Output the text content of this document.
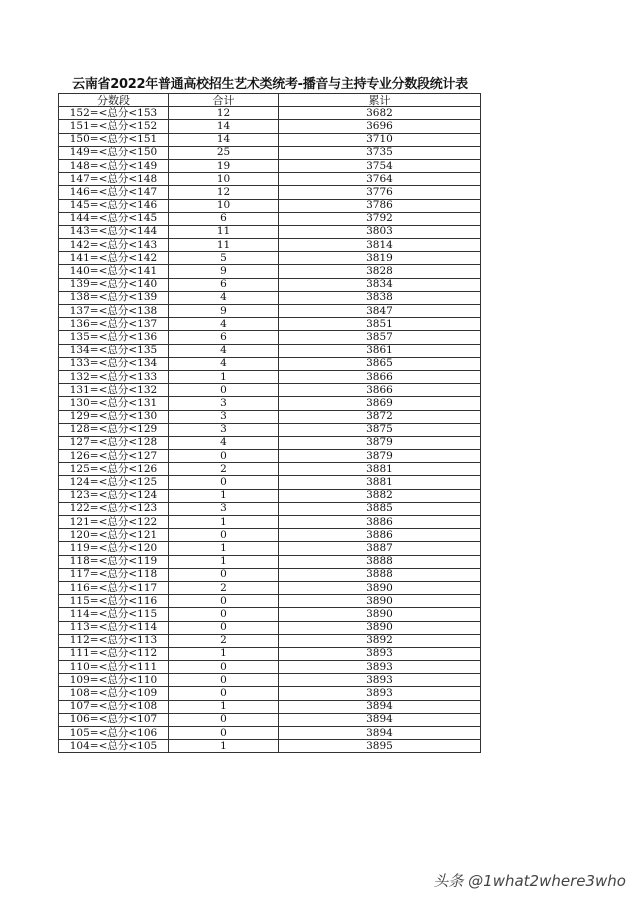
云南省2022年普通高校招生艺术类统考-播音与主持专业分数段统计表
分数段	合计	累计
152=<总分<153	12	3682
151=<总分<152	14	3696
150=<总分<151	14	3710
149=<总分<150	25	3735
148=<总分<149	19	3754
147=<总分<148	10	3764
146=<总分<147	12	3776
145=<总分<146	10	3786
144=<总分<145	6	3792
143=<总分<144	11	3803
142=<总分<143	11	3814
141=<总分<142	5	3819
140=<总分<141	9	3828
139=<总分<140	6	3834
138=<总分<139	4	3838
137=<总分<138	9	3847
136=<总分<137	4	3851
135=<总分<136	6	3857
134=<总分<135	4	3861
133=<总分<134	4	3865
132=<总分<133	1	3866
131=<总分<132	0	3866
130=<总分<131	3	3869
129=<总分<130	3	3872
128=<总分<129	3	3875
127=<总分<128	4	3879
126=<总分<127	0	3879
125=<总分<126	2	3881
124=<总分<125	0	3881
123=<总分<124	1	3882
122=<总分<123	3	3885
121=<总分<122	1	3886
120=<总分<121	0	3886
119=<总分<120	1	3887
118=<总分<119	1	3888
117=<总分<118	0	3888
116=<总分<117	2	3890
115=<总分<116	0	3890
114=<总分<115	0	3890
113=<总分<114	0	3890
112=<总分<113	2	3892
111=<总分<112	1	3893
110=<总分<111	0	3893
109=<总分<110	0	3893
108=<总分<109	0	3893
107=<总分<108	1	3894
106=<总分<107	0	3894
105=<总分<106	0	3894
104=<总分<105	1	3895
头条 @1what2where3who
